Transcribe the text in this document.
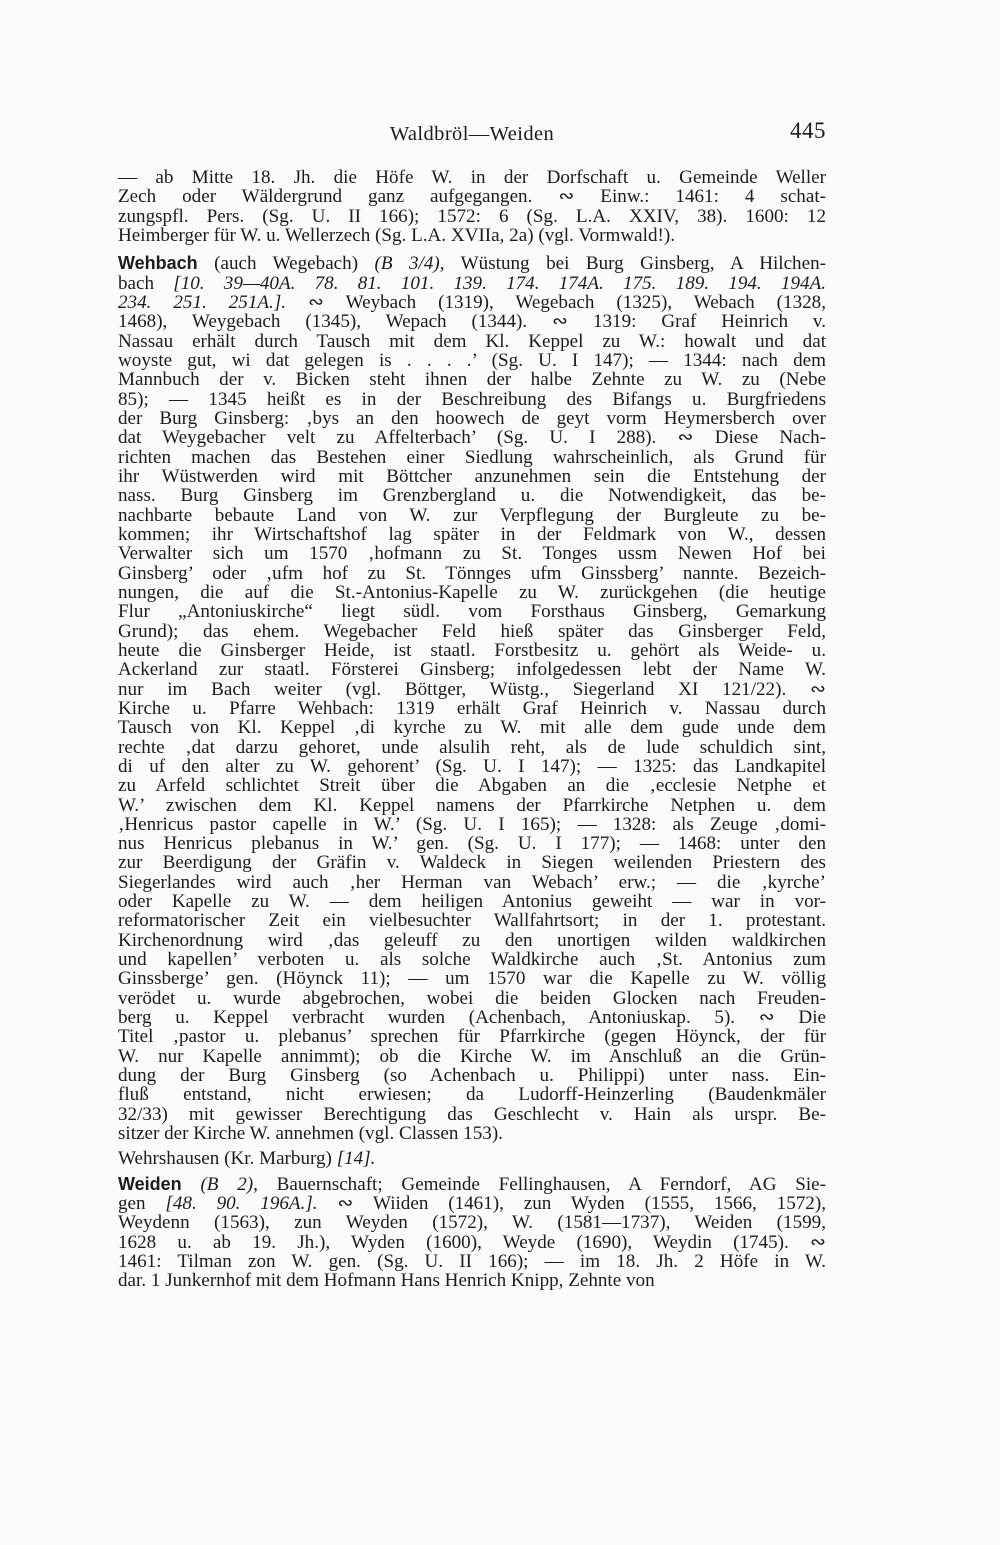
Waldbröl—Weiden	445
— ab Mitte 18. Jh. die Höfe W. in der Dorfschaft u. Gemeinde Weller
Zech oder Wäldergrund ganz aufgegangen. ∾ Einw.: 1461: 4 schat-
zungspfl. Pers. (Sg. U. II 166); 1572: 6 (Sg. L.A. XXIV, 38). 1600: 12
Heimberger für W. u. Wellerzech (Sg. L.A. XVIIa, 2a) (vgl. Vormwald!).
Wehbach (auch Wegebach) (B 3/4), Wüstung bei Burg Ginsberg, A Hilchen-
bach [10. 39—40A. 78. 81. 101. 139. 174. 174A. 175. 189. 194. 194A.
234. 251. 251A.]. ∾ Weybach (1319), Wegebach (1325), Webach (1328,
1468), Weygebach (1345), Wepach (1344). ∾ 1319: Graf Heinrich v.
Nassau erhält durch Tausch mit dem Kl. Keppel zu W.: howalt und dat
woyste gut, wi dat gelegen is . . . .’ (Sg. U. I 147); — 1344: nach dem
Mannbuch der v. Bicken steht ihnen der halbe Zehnte zu W. zu (Nebe
85); — 1345 heißt es in der Beschreibung des Bifangs u. Burgfriedens
der Burg Ginsberg: ‚bys an den hoowech de geyt vorm Heymersberch over
dat Weygebacher velt zu Affelterbach’ (Sg. U. I 288). ∾ Diese Nach-
richten machen das Bestehen einer Siedlung wahrscheinlich, als Grund für
ihr Wüstwerden wird mit Böttcher anzunehmen sein die Entstehung der
nass. Burg Ginsberg im Grenzbergland u. die Notwendigkeit, das be-
nachbarte bebaute Land von W. zur Verpflegung der Burgleute zu be-
kommen; ihr Wirtschaftshof lag später in der Feldmark von W., dessen
Verwalter sich um 1570 ‚hofmann zu St. Tonges ussm Newen Hof bei
Ginsberg’ oder ‚ufm hof zu St. Tönnges ufm Ginssberg’ nannte. Bezeich-
nungen, die auf die St.-Antonius-Kapelle zu W. zurückgehen (die heutige
Flur „Antoniuskirche“ liegt südl. vom Forsthaus Ginsberg, Gemarkung
Grund); das ehem. Wegebacher Feld hieß später das Ginsberger Feld,
heute die Ginsberger Heide, ist staatl. Forstbesitz u. gehört als Weide- u.
Ackerland zur staatl. Försterei Ginsberg; infolgedessen lebt der Name W.
nur im Bach weiter (vgl. Böttger, Wüstg., Siegerland XI 121/22). ∾
Kirche u. Pfarre Wehbach: 1319 erhält Graf Heinrich v. Nassau durch
Tausch von Kl. Keppel ‚di kyrche zu W. mit alle dem gude unde dem
rechte ‚dat darzu gehoret, unde alsulih reht, als de lude schuldich sint,
di uf den alter zu W. gehorent’ (Sg. U. I 147); — 1325: das Landkapitel
zu Arfeld schlichtet Streit über die Abgaben an die ‚ecclesie Netphe et
W.’ zwischen dem Kl. Keppel namens der Pfarrkirche Netphen u. dem
‚Henricus pastor capelle in W.’ (Sg. U. I 165); — 1328: als Zeuge ‚domi-
nus Henricus plebanus in W.’ gen. (Sg. U. I 177); — 1468: unter den
zur Beerdigung der Gräfin v. Waldeck in Siegen weilenden Priestern des
Siegerlandes wird auch ‚her Herman van Webach’ erw.; — die ‚kyrche’
oder Kapelle zu W. — dem heiligen Antonius geweiht — war in vor-
reformatorischer Zeit ein vielbesuchter Wallfahrtsort; in der 1. protestant.
Kirchenordnung wird ‚das geleuff zu den unortigen wilden waldkirchen
und kapellen’ verboten u. als solche Waldkirche auch ‚St. Antonius zum
Ginssberge’ gen. (Höynck 11); — um 1570 war die Kapelle zu W. völlig
verödet u. wurde abgebrochen, wobei die beiden Glocken nach Freuden-
berg u. Keppel verbracht wurden (Achenbach, Antoniuskap. 5). ∾ Die
Titel ‚pastor u. plebanus’ sprechen für Pfarrkirche (gegen Höynck, der für
W. nur Kapelle annimmt); ob die Kirche W. im Anschluß an die Grün-
dung der Burg Ginsberg (so Achenbach u. Philippi) unter nass. Ein-
fluß entstand, nicht erwiesen; da Ludorff-Heinzerling (Baudenkmäler
32/33) mit gewisser Berechtigung das Geschlecht v. Hain als urspr. Be-
sitzer der Kirche W. annehmen (vgl. Classen 153).
Wehrshausen (Kr. Marburg) [14].
Weiden (B 2), Bauernschaft; Gemeinde Fellinghausen, A Ferndorf, AG Sie-
gen [48. 90. 196A.]. ∾ Wiiden (1461), zun Wyden (1555, 1566, 1572),
Weydenn (1563), zun Weyden (1572), W. (1581—1737), Weiden (1599,
1628 u. ab 19. Jh.), Wyden (1600), Weyde (1690), Weydin (1745). ∾
1461: Tilman zon W. gen. (Sg. U. II 166); — im 18. Jh. 2 Höfe in W.
dar. 1 Junkernhof mit dem Hofmann Hans Henrich Knipp, Zehnte von
